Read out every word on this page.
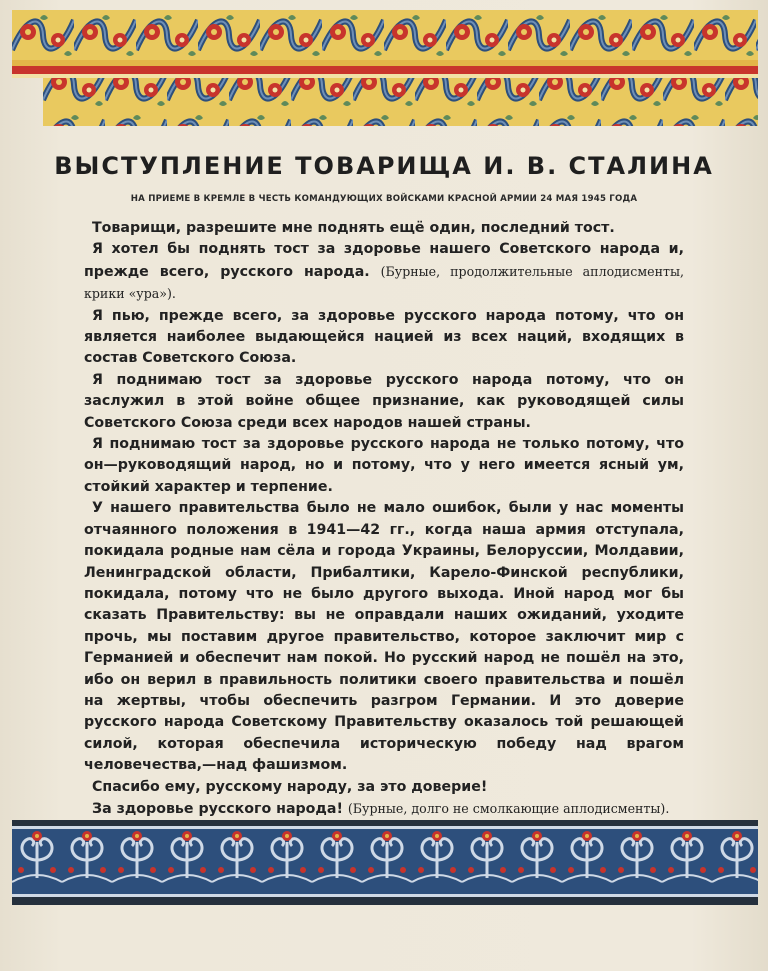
ВЫСТУПЛЕНИЕ ТОВАРИЩА И. В. СТАЛИНА
НА ПРИЕМЕ В КРЕМЛЕ В ЧЕСТЬ КОМАНДУЮЩИХ ВОЙСКАМИ КРАСНОЙ АРМИИ 24 МАЯ 1945 ГОДА

Товарищи, разрешите мне поднять ещё один, последний тост.

Я хотел бы поднять тост за здоровье нашего Советского народа и, прежде всего, русского народа. (Бурные, продолжительные аплодисменты, крики «ура»).

Я пью, прежде всего, за здоровье русского народа потому, что он является наиболее выдающейся нацией из всех наций, входящих в состав Советского Союза.

Я поднимаю тост за здоровье русского народа потому, что он заслужил в этой войне общее признание, как руководящей силы Советского Союза среди всех народов нашей страны.

Я поднимаю тост за здоровье русского народа не только потому, что он—руководящий народ, но и потому, что у него имеется ясный ум, стойкий характер и терпение.

У нашего правительства было не мало ошибок, были у нас моменты отчаянного положения в 1941—42 гг., когда наша армия отступала, покидала родные нам сёла и города Украины, Белоруссии, Молдавии, Ленинградской области, Прибалтики, Карело-Финской республики, покидала, потому что не было другого выхода. Иной народ мог бы сказать Правительству: вы не оправдали наших ожиданий, уходите прочь, мы поставим другое правительство, которое заключит мир с Германией и обеспечит нам покой. Но русский народ не пошёл на это, ибо он верил в правильность политики своего правительства и пошёл на жертвы, чтобы обеспечить разгром Германии. И это доверие русского народа Советскому Правительству оказалось той решающей силой, которая обеспечила историческую победу над врагом человечества,—над фашизмом.

Спасибо ему, русскому народу, за это доверие!

За здоровье русского народа! (Бурные, долго не смолкающие аплодисменты).
